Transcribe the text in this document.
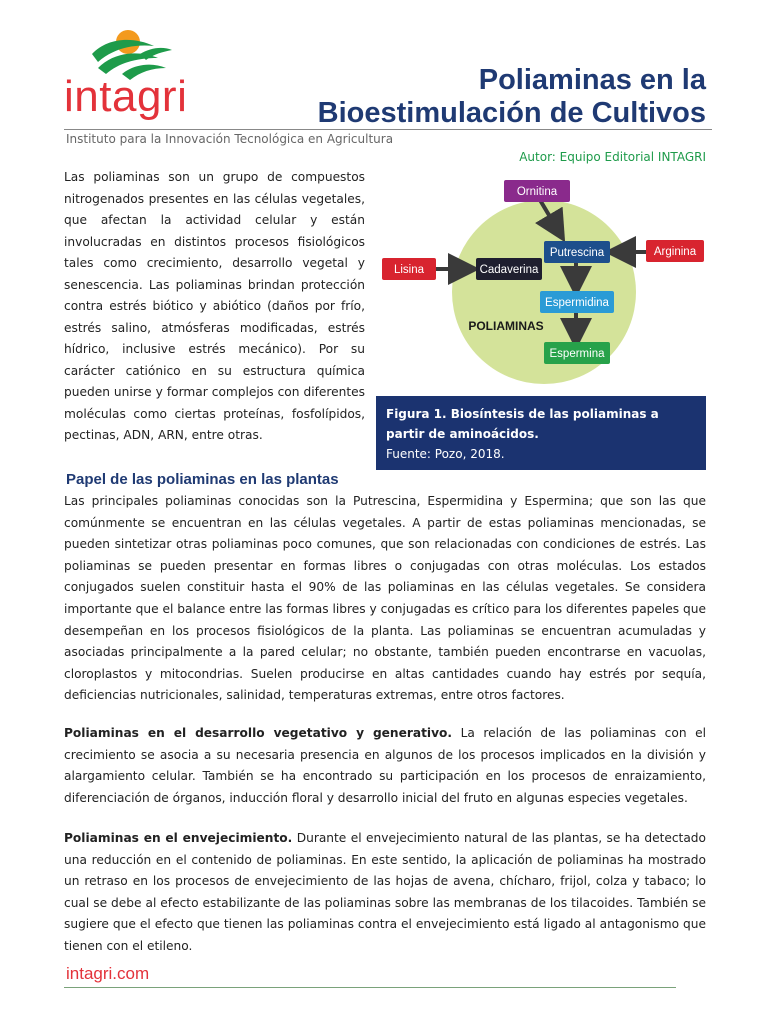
intagri	Poliaminas en la
Bioestimulación de Cultivos
Instituto para la Innovación Tecnológica en Agricultura
Autor: Equipo Editorial INTAGRI
Las poliaminas son un grupo de compuestos nitrogenados presentes en las células vegetales, que afectan la actividad celular y están involucradas en distintos procesos fisiológicos tales como crecimiento, desarrollo vegetal y senescencia. Las poliaminas brindan protección contra estrés biótico y abiótico (daños por frío, estrés salino, atmósferas modificadas, estrés hídrico, inclusive estrés mecánico). Por su carácter catiónico en su estructura química pueden unirse y formar complejos con diferentes moléculas como ciertas proteínas, fosfolípidos, pectinas, ADN, ARN, entre otras.
Ornitina
Putrescina	Arginina
Lisina	Cadaverina
Espermidina
Espermina
POLIAMINAS
Figura 1. Biosíntesis de las poliaminas a partir de aminoácidos.
Fuente: Pozo, 2018.
Papel de las poliaminas en las plantas
Las principales poliaminas conocidas son la Putrescina, Espermidina y Espermina; que son las que comúnmente se encuentran en las células vegetales. A partir de estas poliaminas mencionadas, se pueden sintetizar otras poliaminas poco comunes, que son relacionadas con condiciones de estrés. Las poliaminas se pueden presentar en formas libres o conjugadas con otras moléculas. Los estados conjugados suelen constituir hasta el 90% de las poliaminas en las células vegetales. Se considera importante que el balance entre las formas libres y conjugadas es crítico para los diferentes papeles que desempeñan en los procesos fisiológicos de la planta. Las poliaminas se encuentran acumuladas y asociadas principalmente a la pared celular; no obstante, también pueden encontrarse en vacuolas, cloroplastos y mitocondrias. Suelen producirse en altas cantidades cuando hay estrés por sequía, deficiencias nutricionales, salinidad, temperaturas extremas, entre otros factores.
Poliaminas en el desarrollo vegetativo y generativo. La relación de las poliaminas con el crecimiento se asocia a su necesaria presencia en algunos de los procesos implicados en la división y alargamiento celular. También se ha encontrado su participación en los procesos de enraizamiento, diferenciación de órganos, inducción floral y desarrollo inicial del fruto en algunas especies vegetales.
Poliaminas en el envejecimiento. Durante el envejecimiento natural de las plantas, se ha detectado una reducción en el contenido de poliaminas. En este sentido, la aplicación de poliaminas ha mostrado un retraso en los procesos de envejecimiento de las hojas de avena, chícharo, frijol, colza y tabaco; lo cual se debe al efecto estabilizante de las poliaminas sobre las membranas de los tilacoides. También se sugiere que el efecto que tienen las poliaminas contra el envejecimiento está ligado al antagonismo que tienen con el etileno.
intagri.com
